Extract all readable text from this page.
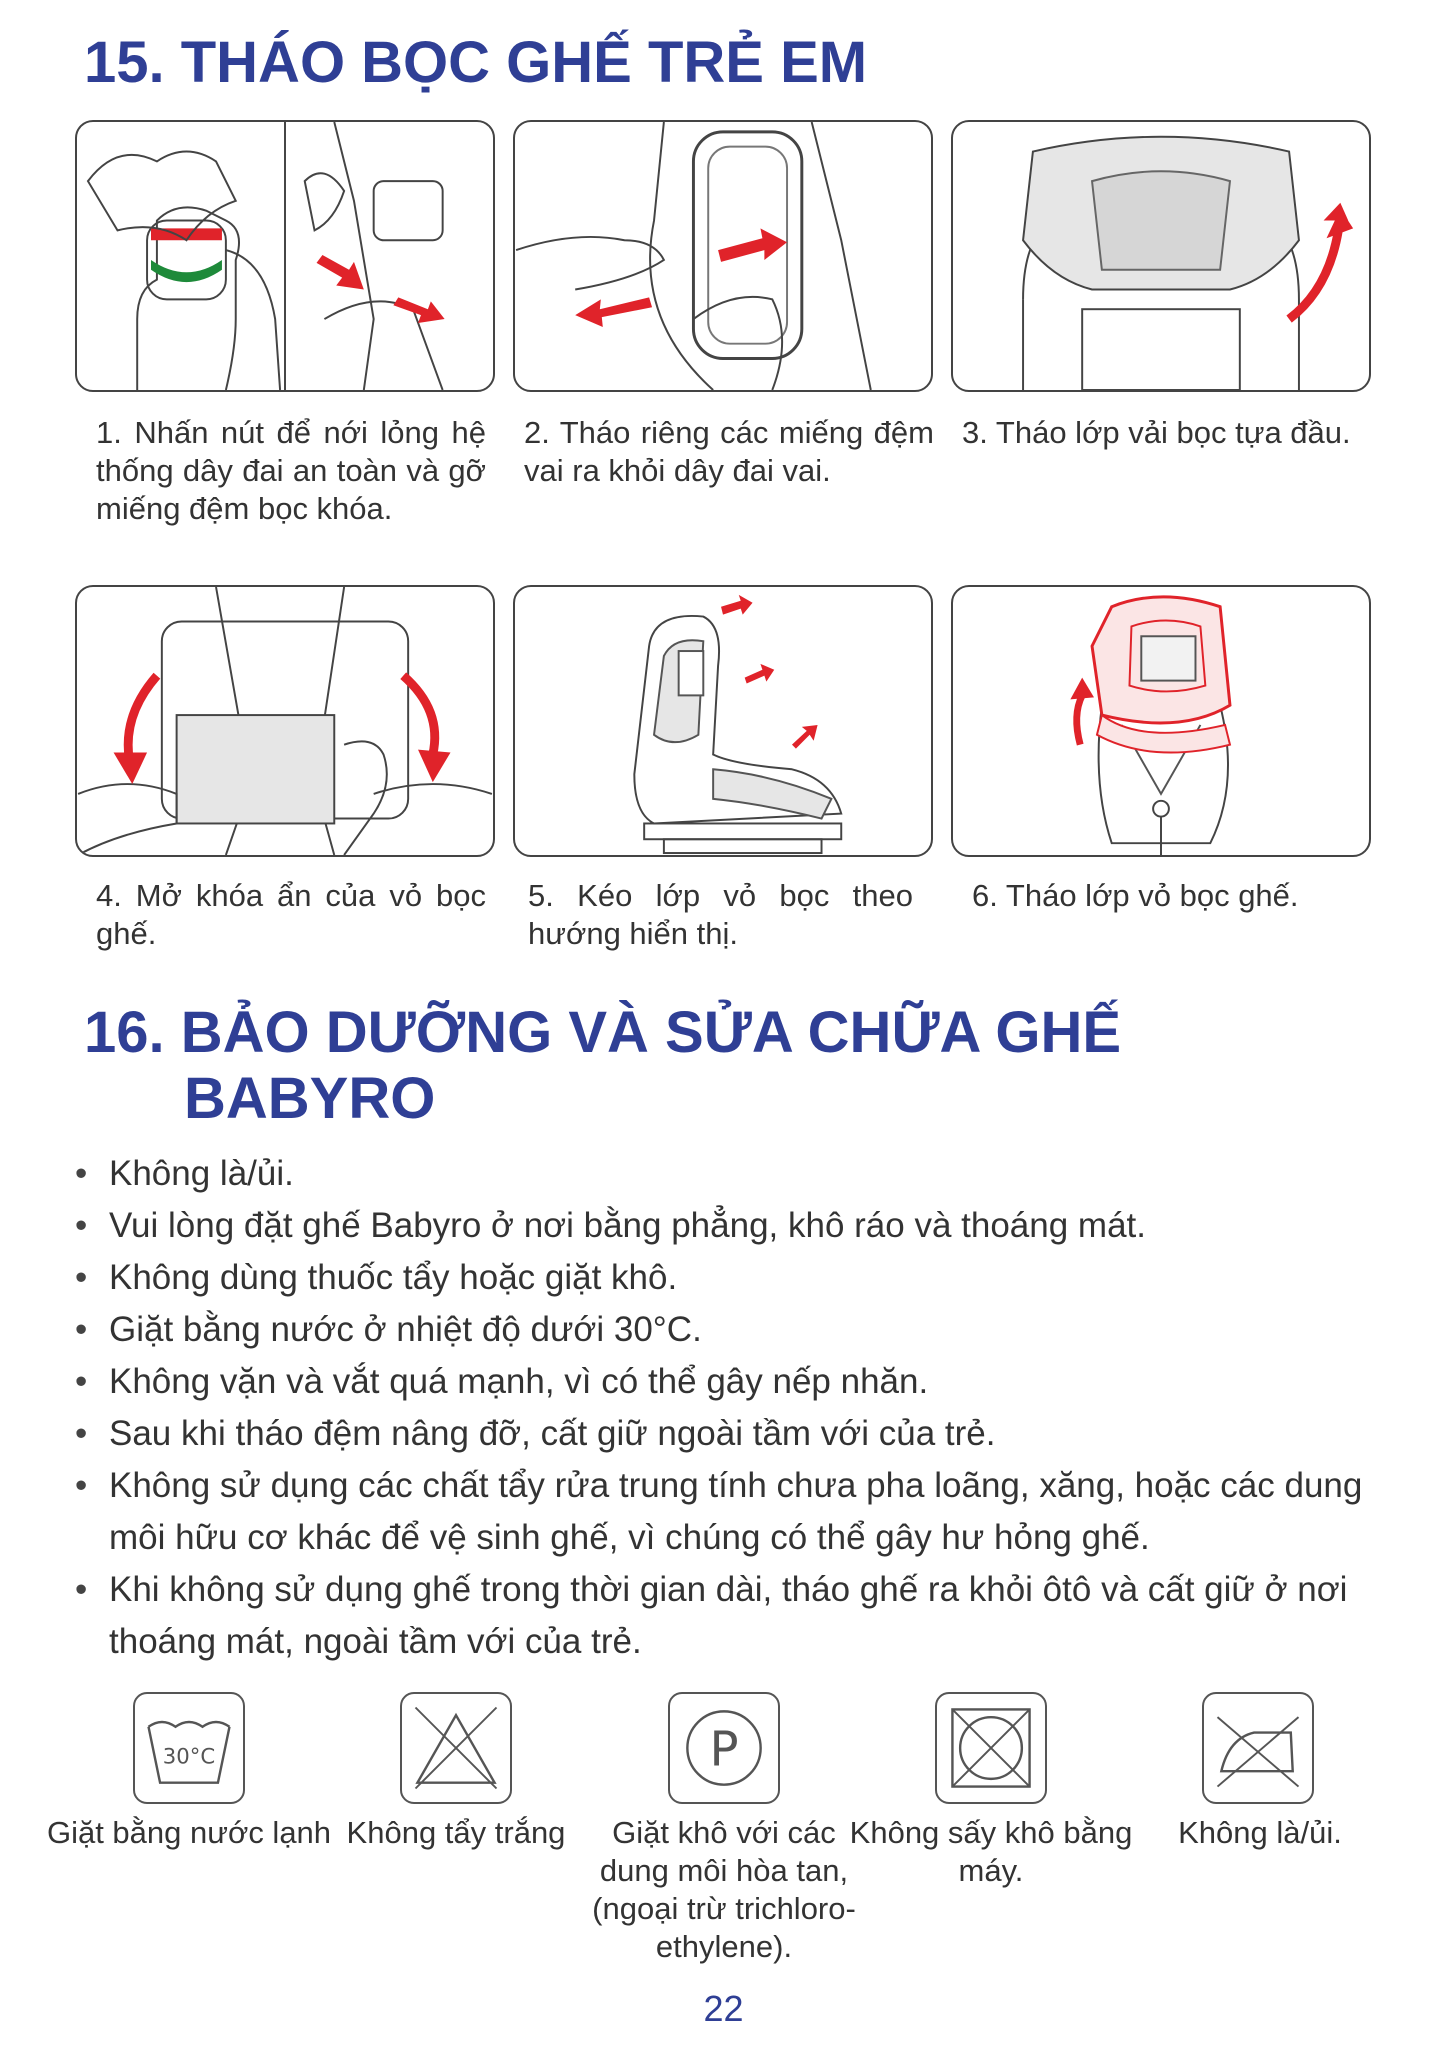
15. THÁO BỌC GHẾ TRẺ EM

1. Nhấn nút để nới lỏng hệ thống dây đai an toàn và gỡ miếng đệm bọc khóa.

2. Tháo riêng các miếng đệm vai ra khỏi dây đai vai.

3. Tháo lớp vải bọc tựa đầu.

4. Mở khóa ẩn của vỏ bọc ghế.

5. Kéo lớp vỏ bọc theo hướng hiển thị.

6. Tháo lớp vỏ bọc ghế.

16. BẢO DƯỠNG VÀ SỬA CHỮA GHẾ
BABYRO
• Không là/ủi.
• Vui lòng đặt ghế Babyro ở nơi bằng phẳng, khô ráo và thoáng mát.
• Không dùng thuốc tẩy hoặc giặt khô.
• Giặt bằng nước ở nhiệt độ dưới 30°C.
• Không vặn và vắt quá mạnh, vì có thể gây nếp nhăn.
• Sau khi tháo đệm nâng đỡ, cất giữ ngoài tầm với của trẻ.
• Không sử dụng các chất tẩy rửa trung tính chưa pha loãng, xăng, hoặc các dung môi hữu cơ khác để vệ sinh ghế, vì chúng có thể gây hư hỏng ghế.
• Khi không sử dụng ghế trong thời gian dài, tháo ghế ra khỏi ôtô và cất giữ ở nơi thoáng mát, ngoài tầm với của trẻ.
30°C	P

Giặt bằng nước lạnh Không tẩy trắng	Giặt khô với các dung môi hòa tan, (ngoại trừ trichloro-ethylene).

Không sấy khô bằng máy.

Không là/ủi.

22
